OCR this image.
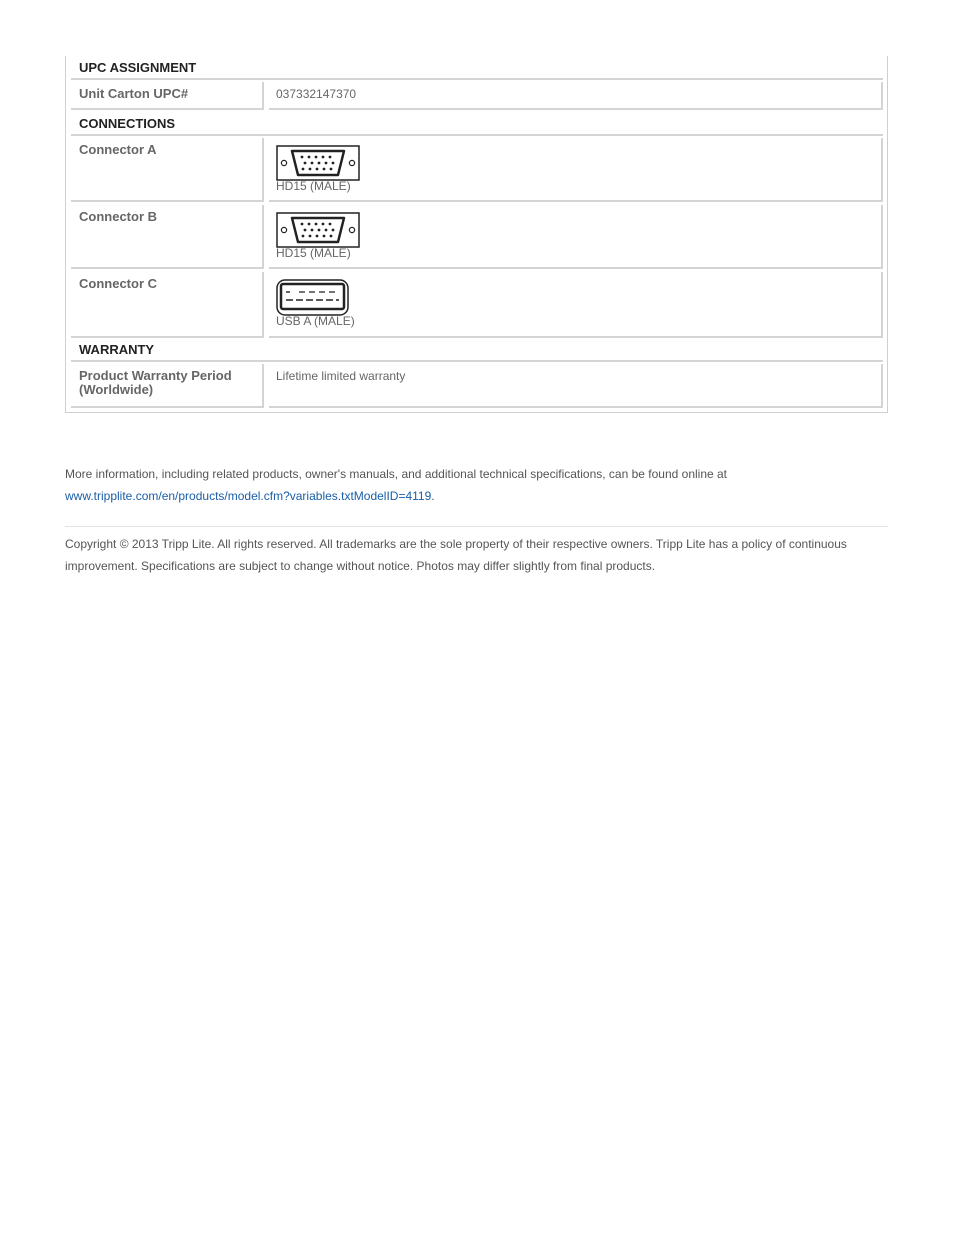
UPC ASSIGNMENT
Unit Carton UPC#	037332147370
CONNECTIONS
Connector A
HD15 (MALE)
Connector B
HD15 (MALE)
Connector C
USB A (MALE)
WARRANTY
Product Warranty Period (Worldwide)
Lifetime limited warranty
More information, including related products, owner's manuals, and additional technical specifications, can be found online at
www.tripplite.com/en/products/model.cfm?variables.txtModelID=4119.
Copyright © 2013 Tripp Lite. All rights reserved. All trademarks are the sole property of their respective owners. Tripp Lite has a policy of continuous improvement. Specifications are subject to change without notice. Photos may differ slightly from final products.
